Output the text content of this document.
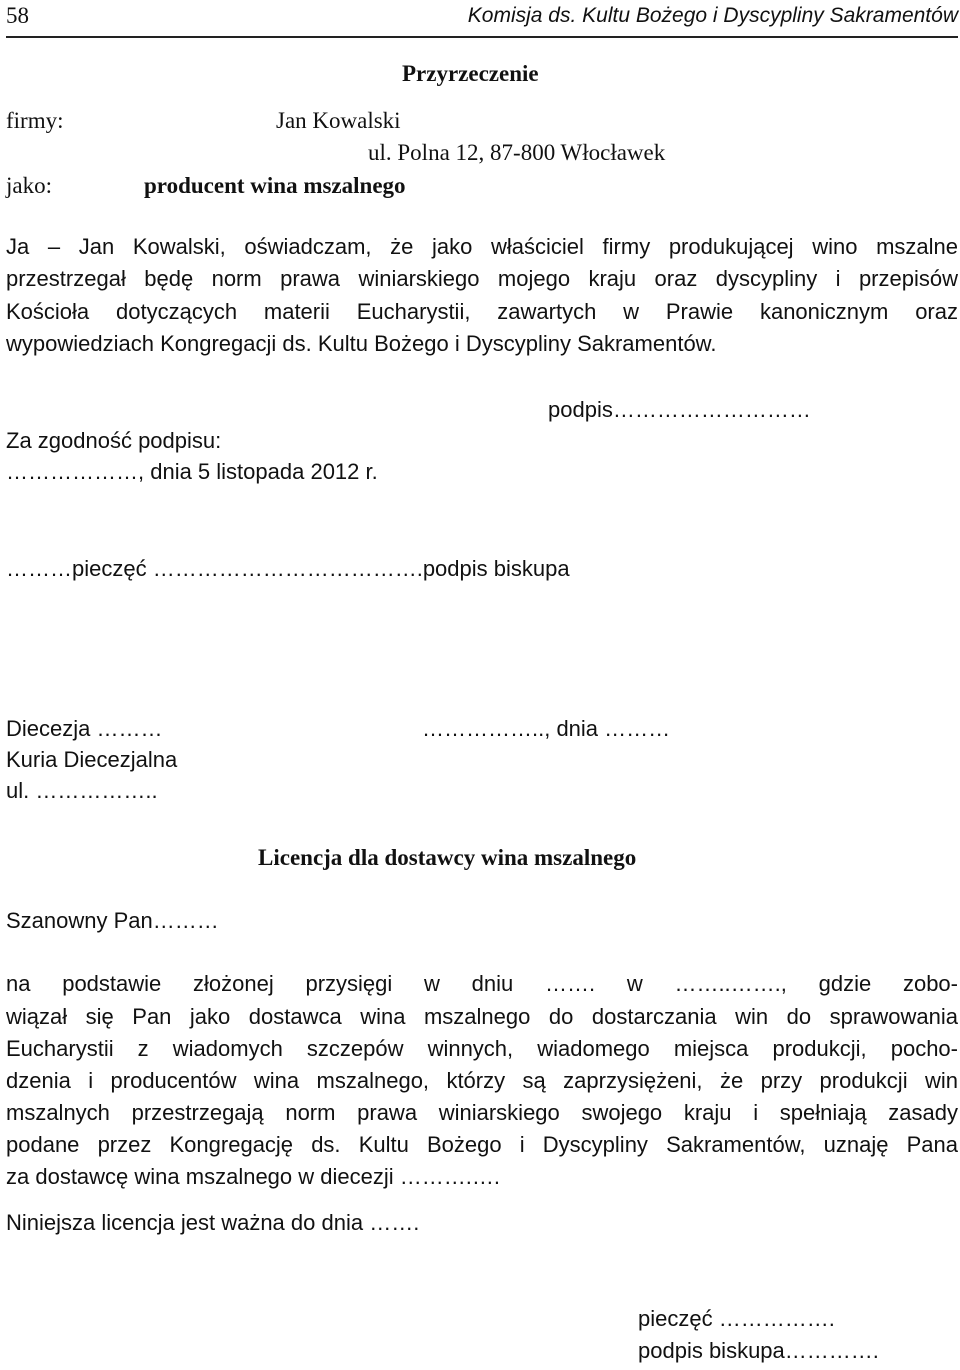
58	Komisja ds. Kultu Bożego i Dyscypliny Sakramentów
Przyrzeczenie
firmy:	Jan Kowalski
ul. Polna 12, 87-800 Włocławek
jako:	producent wina mszalnego
Ja – Jan Kowalski, oświadczam, że jako właściciel firmy produkującej wino mszalne
przestrzegał będę norm prawa winiarskiego mojego kraju oraz dyscypliny i przepisów
Kościoła dotyczących materii Eucharystii, zawartych w Prawie kanonicznym oraz
wypowiedziach Kongregacji ds. Kultu Bożego i Dyscypliny Sakramentów.
podpis………………………
Za zgodność podpisu:
………………, dnia 5 listopada 2012 r.
………pieczęć ……………………………….podpis biskupa
Diecezja ………	…………….., dnia ………
Kuria Diecezjalna
ul. ……………..
Licencja dla dostawcy wina mszalnego
Szanowny Pan………
na podstawie złożonej przysięgi w dniu ……. w ……..……., gdzie zobo-
wiązał się Pan jako dostawca wina mszalnego do dostarczania win do sprawowania
Eucharystii z wiadomych szczepów winnych, wiadomego miejsca produkcji, pocho-
dzenia i producentów wina mszalnego, którzy są zaprzysiężeni, że przy produkcji win
mszalnych przestrzegają norm prawa winiarskiego swojego kraju i spełniają zasady
podane przez Kongregację ds. Kultu Bożego i Dyscypliny Sakramentów, uznaję Pana
za dostawcę wina mszalnego w diecezji ……….….
Niniejsza licencja jest ważna do dnia …….
pieczęć …………….
podpis biskupa………….
